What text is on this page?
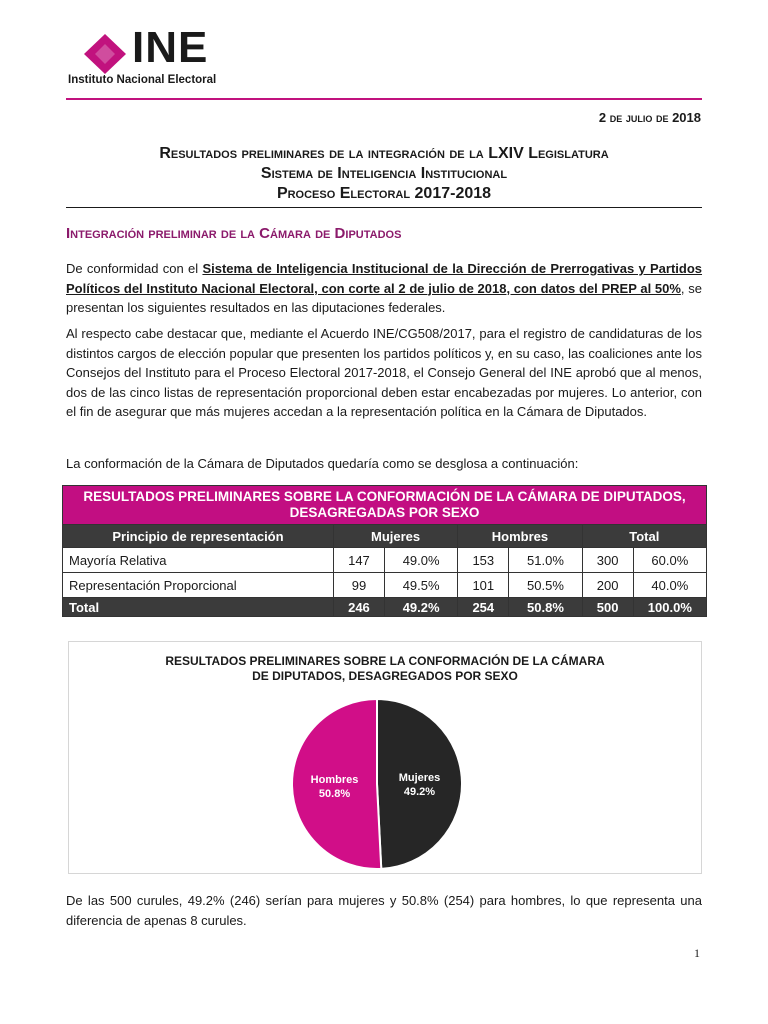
INE
Instituto Nacional Electoral
2 de julio de 2018
Resultados preliminares de la integración de la LXIV Legislatura
Sistema de Inteligencia Institucional
Proceso Electoral 2017-2018
Integración preliminar de la Cámara de Diputados
De conformidad con el Sistema de Inteligencia Institucional de la Dirección de Prerrogativas y Partidos Políticos del Instituto Nacional Electoral, con corte al 2 de julio de 2018, con datos del PREP al 50%, se presentan los siguientes resultados en las diputaciones federales.
Al respecto cabe destacar que, mediante el Acuerdo INE/CG508/2017, para el registro de candidaturas de los distintos cargos de elección popular que presenten los partidos políticos y, en su caso, las coaliciones ante los Consejos del Instituto para el Proceso Electoral 2017-2018, el Consejo General del INE aprobó que al menos, dos de las cinco listas de representación proporcional deben estar encabezadas por mujeres. Lo anterior, con el fin de asegurar que más mujeres accedan a la representación política en la Cámara de Diputados.
La conformación de la Cámara de Diputados quedaría como se desglosa a continuación:
RESULTADOS PRELIMINARES SOBRE LA CONFORMACIÓN DE LA CÁMARA DE DIPUTADOS, DESAGREGADAS POR SEXO						
Principio de representación	Mujeres		Hombres		Total	
Mayoría Relativa	147	49.0%	153	51.0%	300	60.0%
Representación Proporcional	99	49.5%	101	50.5%	200	40.0%
Total	246	49.2%	254	50.8%	500	100.0%
RESULTADOS PRELIMINARES SOBRE LA CONFORMACIÓN DE LA CÁMARA
DE DIPUTADOS, DESAGREGADOS POR SEXO
Mujeres
49.2%
Hombres
50.8%
De las 500 curules, 49.2% (246) serían para mujeres y 50.8% (254) para hombres, lo que representa una diferencia de apenas 8 curules.
1
